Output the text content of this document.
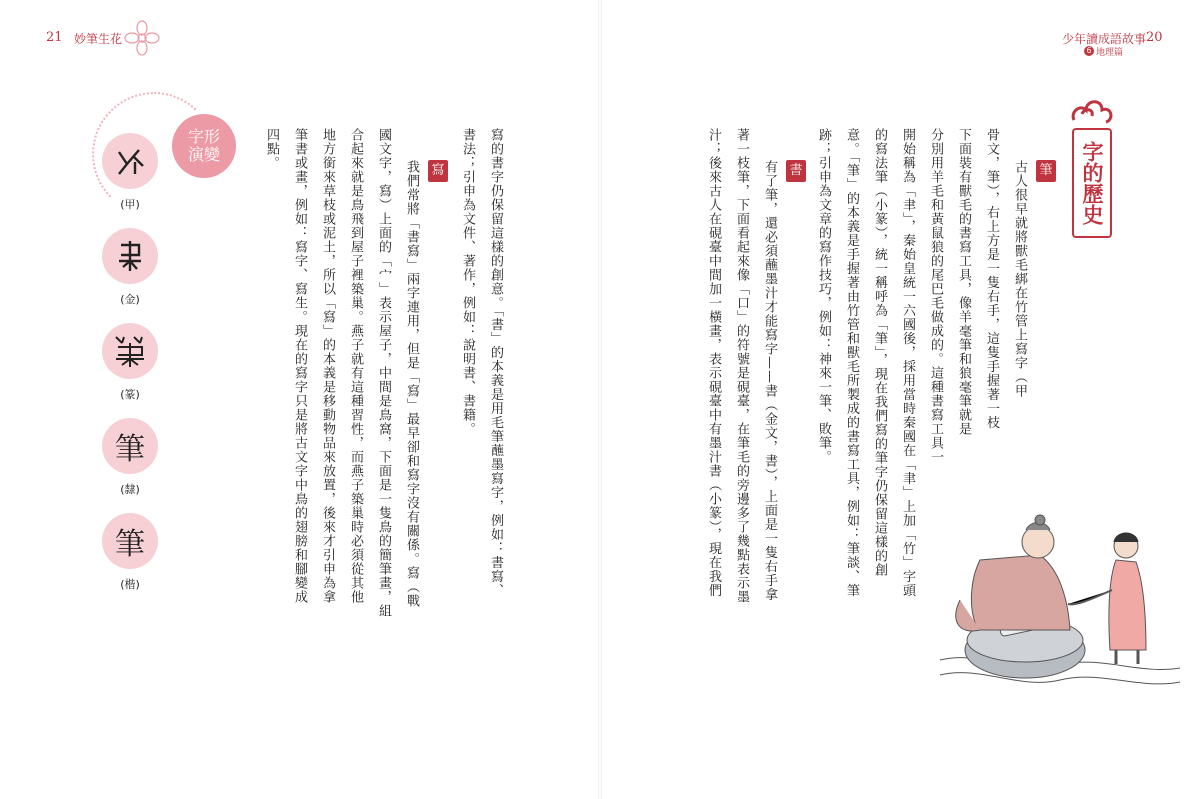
21 妙筆生花
字形
演變
(甲)
(金)
(篆)
筆
(隸)
筆
(楷)	寫的書字仍保留這樣的創意。「書」的本義是用毛筆蘸墨寫字，例如：書寫、
書法；引申為文件、著作，例如：說明書、書籍。
寫
我們常將「書寫」兩字連用，但是「寫」最早卻和寫字沒有關係。寫（戰
國文字，寫）上面的「宀」表示屋子，中間是鳥窩，下面是一隻鳥的簡筆畫，組
合起來就是鳥飛到屋子裡築巢。燕子就有這種習性，而燕子築巢時必須從其他
地方銜來草枝或泥土，所以「寫」的本義是移動物品來放置，後來才引申為拿
筆書或畫，例如：寫字、寫生。現在的寫字只是將古文字中鳥的翅膀和腳變成
四點。
少年讀成語故事
6 地理篇
20
字的歷史
筆
古人很早就將獸毛綁在竹管上寫字（甲
骨文，筆），右上方是一隻右手，這隻手握著一枝
下面裝有獸毛的書寫工具，像羊毫筆和狼毫筆就是
分別用羊毛和黃鼠狼的尾巴毛做成的。這種書寫工具一
開始稱為「聿」，秦始皇統一六國後，採用當時秦國在「聿」上加「竹」字頭
的寫法筆（小篆），統一稱呼為「筆」，現在我們寫的筆字仍保留這樣的創
意。「筆」的本義是手握著由竹管和獸毛所製成的書寫工具，例如：筆談、筆
跡；引申為文章的寫作技巧，例如：神來一筆、敗筆。
書
有了筆，還必須蘸墨汁才能寫字——書（金文，書），上面是一隻右手拿
著一枝筆，下面看起來像「口」的符號是硯臺，在筆毛的旁邊多了幾點表示墨
汁；後來古人在硯臺中間加一橫畫，表示硯臺中有墨汁書（小篆），現在我們
